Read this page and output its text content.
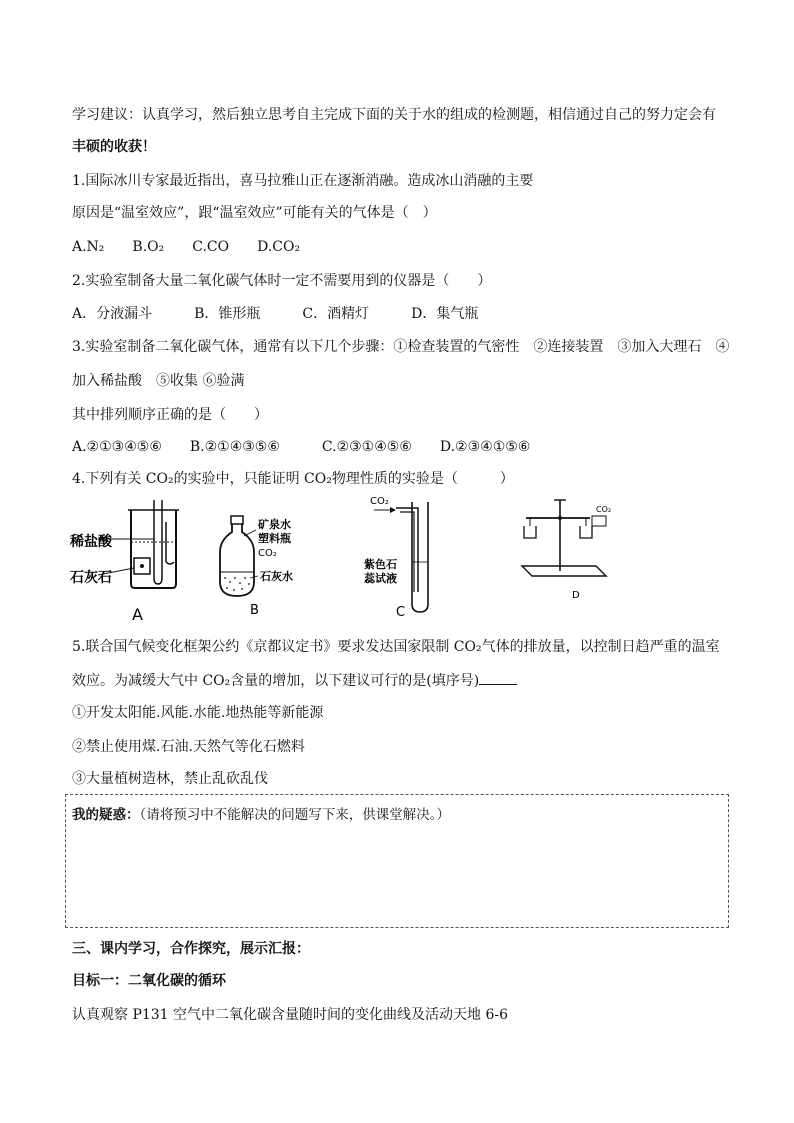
学习建议：认真学习，然后独立思考自主完成下面的关于水的组成的检测题，相信通过自己的努力定会有
丰硕的收获！
1.国际冰川专家最近指出，喜马拉雅山正在逐渐消融。造成冰山消融的主要
原因是“温室效应”，跟“温室效应”可能有关的气体是（　）
A.N₂　　B.O₂　　C.CO　　D.CO₂
2.实验室制备大量二氧化碳气体时一定不需要用到的仪器是（　　）
A．分液漏斗　　　B．锥形瓶　　　C．酒精灯　　　D．集气瓶
3.实验室制备二氧化碳气体，通常有以下几个步骤：①检查装置的气密性　②连接装置　③加入大理石　④
加入稀盐酸　⑤收集 ⑥验满
其中排列顺序正确的是（　　）
A.②①③④⑤⑥　　B.②①④③⑤⑥　　　C.②③①④⑤⑥　　D.②③④①⑤⑥
4.下列有关 CO₂的实验中，只能证明 CO₂物理性质的实验是（　　　）
稀盐酸
石灰石
A
矿泉水
塑料瓶
CO₂
石灰水
B
CO₂
紫色石
蕊试液
C
CO₂
D
5.联合国气候变化框架公约《京都议定书》要求发达国家限制 CO₂气体的排放量，以控制日趋严重的温室
效应。为减缓大气中 CO₂含量的增加，以下建议可行的是(填序号)
①开发太阳能.风能.水能.地热能等新能源
②禁止使用煤.石油.天然气等化石燃料
③大量植树造林，禁止乱砍乱伐
我的疑惑：（请将预习中不能解决的问题写下来，供课堂解决。）
三、课内学习，合作探究，展示汇报：
目标一：二氧化碳的循环
认真观察 P131 空气中二氧化碳含量随时间的变化曲线及活动天地 6-6
